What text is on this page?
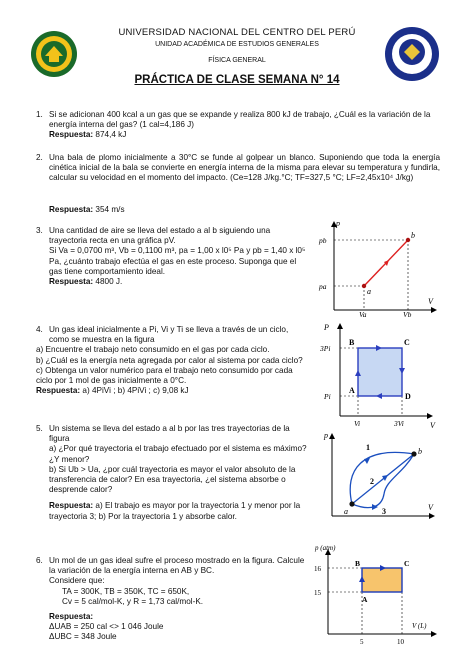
UNCP
UNIVERSIDAD NACIONAL DEL CENTRO DEL PERÚ
UNIDAD ACADÉMICA DE ESTUDIOS GENERALES
FÍSICA GENERAL
PRÁCTICA DE CLASE SEMANA N° 14
1. Si se adicionan 400 kcal a un gas que se expande y realiza 800 kJ de trabajo, ¿Cuál es la variación de la energía interna del gas? (1 cal=4,186 J)
Respuesta: 874,4 kJ
2. Una bala de plomo inicialmente a 30°C se funde al golpear un blanco. Suponiendo que toda la energía cinética inicial de la bala se convierte en energía interna de la misma para elevar su temperatura y fundirla, calcular su velocidad en el momento del impacto. (Ce=128 J/kg.°C; TF=327,5 °C; LF=2,45x10⁴ J/kg)
Respuesta: 354 m/s
3. Una cantidad de aire se lleva del estado a al b siguiendo una trayectoria recta en una gráfica pV.
Si Va = 0,0700 m³, Vb = 0,1100 m³, pa = 1,00 x l0⁵ Pa y pb = 1,40 x l0⁵ Pa, ¿cuánto trabajo efectúa el gas en este proceso. Suponga que el gas tiene comportamiento ideal.
Respuesta: 4800 J.
p
V
pb
pa
Va	Vb
a
b
4. Un gas ideal inicialmente a Pi, Vi y Ti se lleva a través de un ciclo, como se muestra en la figura
a) Encuentre el trabajo neto consumido en el gas por cada ciclo.
b) ¿Cuál es la energía neta agregada por calor al sistema por cada ciclo?
c) Obtenga un valor numérico para el trabajo neto consumido por cada ciclo por 1 mol de gas inicialmente a 0°C.
Respuesta: a) 4PiVi ; b) 4PiVi ; c) 9,08 kJ
P
V
3Pi
Pi
Vi	3Vi
A
B	C
D
5. Un sistema se lleva del estado a al b por las tres trayectorias de la figura
a) ¿Por qué trayectoria el trabajo efectuado por el sistema es máximo? ¿Y menor?
b) Si Ub > Ua, ¿por cuál trayectoria es mayor el valor absoluto de la transferencia de calor? En esa trayectoria, ¿el sistema absorbe o desprende calor?
Respuesta: a) El trabajo es mayor por la trayectoria 1 y menor por la trayectoria 3; b) Por la trayectoria 1 y absorbe calor.
p
V
a
b
1
2
3
6. Un mol de un gas ideal sufre el proceso mostrado en la figura. Calcule la variación de la energía interna en AB y BC.
Considere que:
TA = 300K, TB = 350K, TC = 650K,
Cv = 5 cal/mol-K, y R = 1,73 cal/mol-K.
Respuesta:
ΔUAB = 250 cal <> 1 046 Joule
ΔUBC = 348 Joule
p (atm)
V (L)
16
15
5	10
A
B	C
